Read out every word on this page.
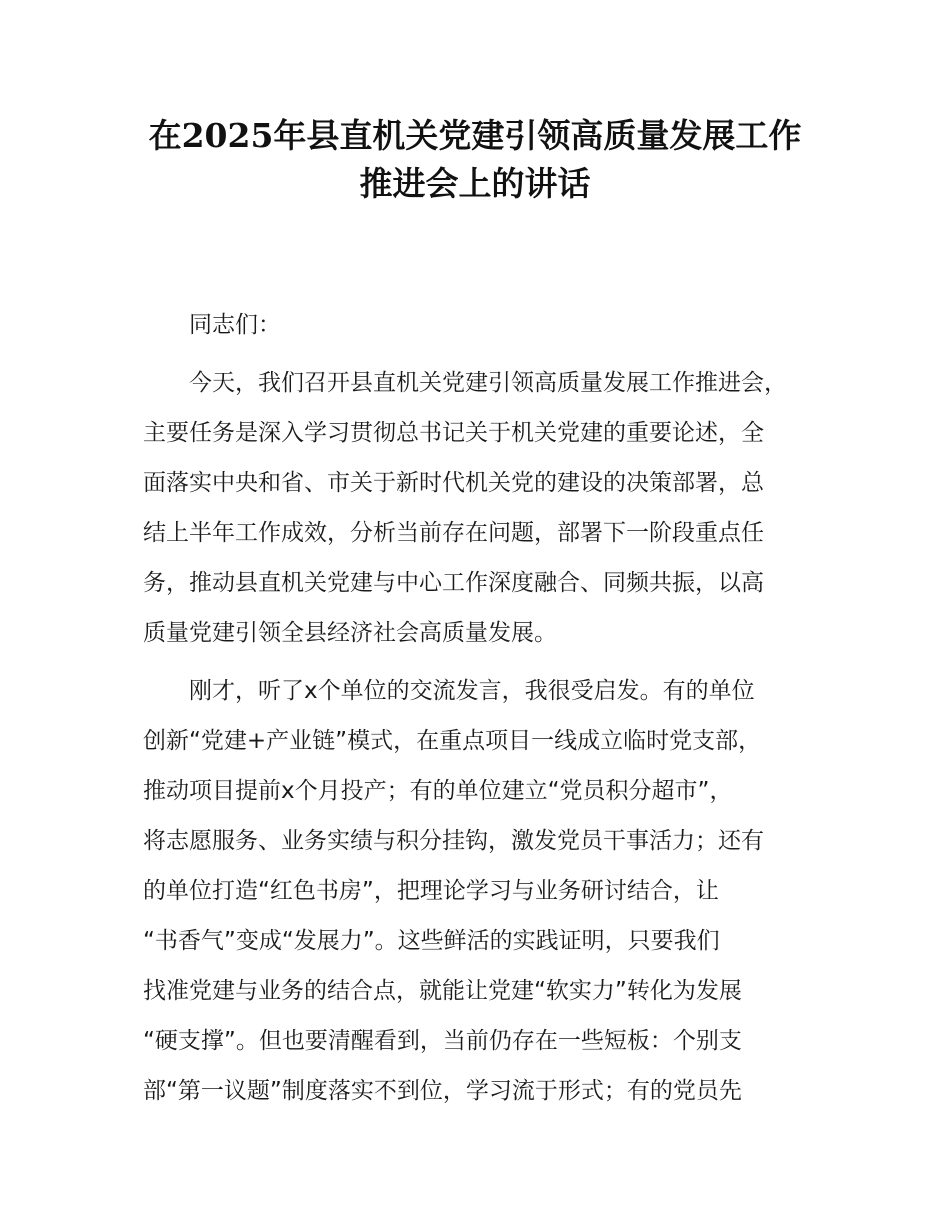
在2025年县直机关党建引领高质量发展工作
推进会上的讲话
同志们：
今天，我们召开县直机关党建引领高质量发展工作推进会，
主要任务是深入学习贯彻总书记关于机关党建的重要论述，全
面落实中央和省、市关于新时代机关党的建设的决策部署，总
结上半年工作成效，分析当前存在问题，部署下一阶段重点任
务，推动县直机关党建与中心工作深度融合、同频共振，以高
质量党建引领全县经济社会高质量发展。
刚才，听了x个单位的交流发言，我很受启发。有的单位
创新“党建+产业链”模式，在重点项目一线成立临时党支部，
推动项目提前x个月投产；有的单位建立“党员积分超市”，
将志愿服务、业务实绩与积分挂钩，激发党员干事活力；还有
的单位打造“红色书房”，把理论学习与业务研讨结合，让
“书香气”变成“发展力”。这些鲜活的实践证明，只要我们
找准党建与业务的结合点，就能让党建“软实力”转化为发展
“硬支撑”。但也要清醒看到，当前仍存在一些短板：个别支
部“第一议题”制度落实不到位，学习流于形式；有的党员先
